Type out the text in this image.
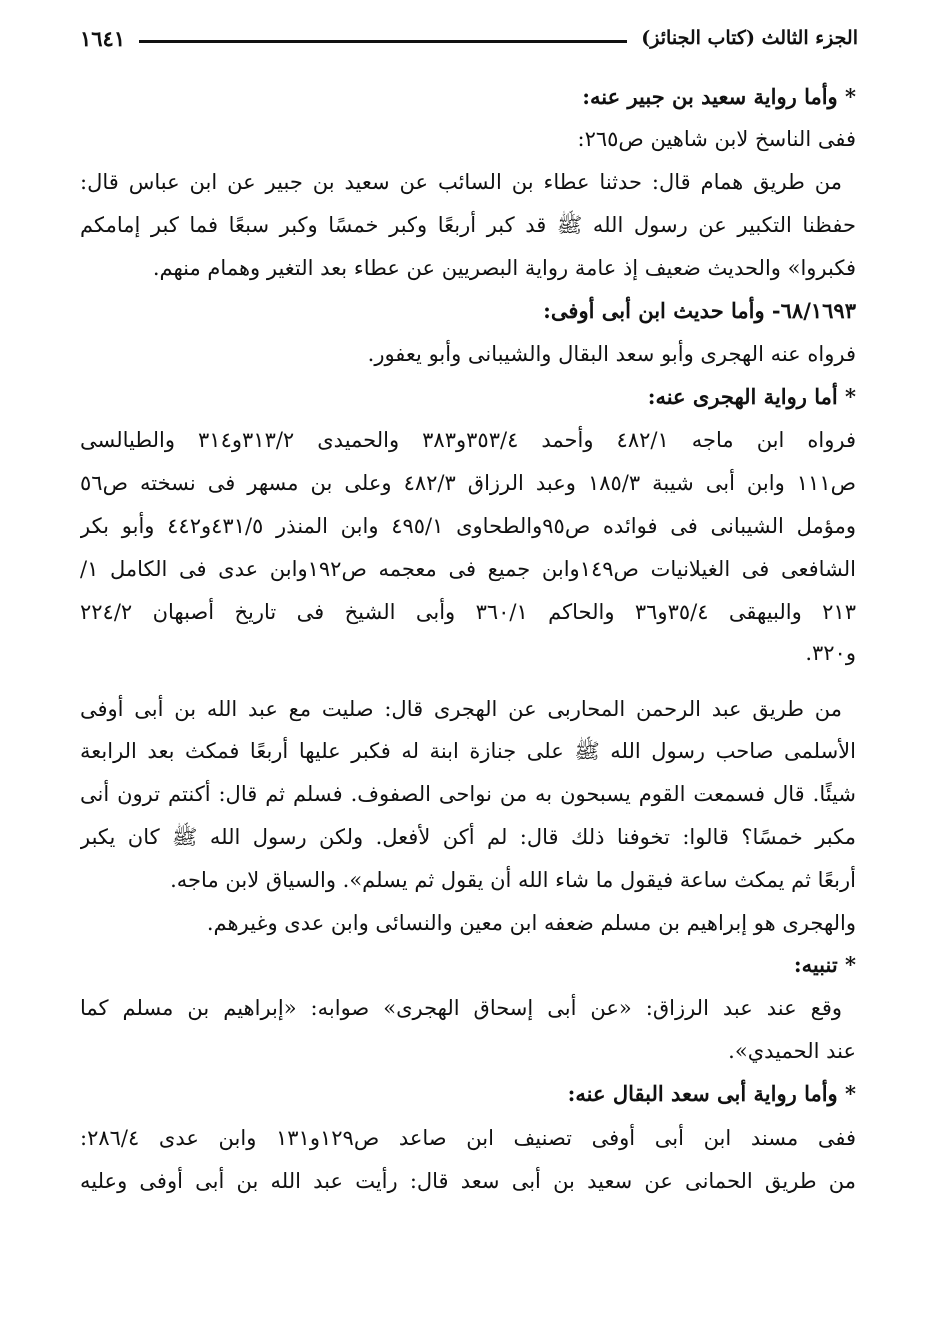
الجزء الثالث (كتاب الجنائز)
١٦٤١
* وأما رواية سعيد بن جبير عنه:
ففى الناسخ لابن شاهين ص٢٦٥:
من طريق همام قال: حدثنا عطاء بن السائب عن سعيد بن جبير عن ابن عباس قال:
حفظنا التكبير عن رسول الله ﷺ قد كبر أربعًا وكبر خمسًا وكبر سبعًا فما كبر إمامكم
فكبروا» والحديث ضعيف إذ عامة رواية البصريين عن عطاء بعد التغير وهمام منهم.
٦٨/١٦٩٣- وأما حديث ابن أبى أوفى:
فرواه عنه الهجرى وأبو سعد البقال والشيبانى وأبو يعفور.
* أما رواية الهجرى عنه:
فرواه ابن ماجه ٤٨٢/١ وأحمد ٣٥٣/٤و٣٨٣ والحميدى ٣١٣/٢و٣١٤ والطيالسى
ص١١١ وابن أبى شيبة ١٨٥/٣ وعبد الرزاق ٤٨٢/٣ وعلى بن مسهر فى نسخته ص٥٦
ومؤمل الشيبانى فى فوائده ص٩٥والطحاوى ٤٩٥/١ وابن المنذر ٤٣١/٥و٤٤٢ وأبو بكر
الشافعى فى الغيلانيات ص١٤٩وابن جميع فى معجمه ص١٩٢وابن عدى فى الكامل ١/
٢١٣ والبيهقى ٣٥/٤و٣٦ والحاكم ٣٦٠/١ وأبى الشيخ فى تاريخ أصبهان ٢٢٤/٢
و٣٢٠.
من طريق عبد الرحمن المحاربى عن الهجرى قال: صليت مع عبد الله بن أبى أوفى
الأسلمى صاحب رسول الله ﷺ على جنازة ابنة له فكبر عليها أربعًا فمكث بعد الرابعة
شيئًا. قال فسمعت القوم يسبحون به من نواحى الصفوف. فسلم ثم قال: أكنتم ترون أنى
مكبر خمسًا؟ قالوا: تخوفنا ذلك قال: لم أكن لأفعل. ولكن رسول الله ﷺ كان يكبر
أربعًا ثم يمكث ساعة فيقول ما شاء الله أن يقول ثم يسلم». والسياق لابن ماجه.
والهجرى هو إبراهيم بن مسلم ضعفه ابن معين والنسائى وابن عدى وغيرهم.
* تنبيه:
وقع عند عبد الرزاق: «عن أبى إسحاق الهجرى» صوابه: «إبراهيم بن مسلم كما
عند الحميدي».
* وأما رواية أبى سعد البقال عنه:
ففى مسند ابن أبى أوفى تصنيف ابن صاعد ص١٢٩و١٣١ وابن عدى ٢٨٦/٤:
من طريق الحمانى عن سعيد بن أبى سعد قال: رأيت عبد الله بن أبى أوفى وعليه
